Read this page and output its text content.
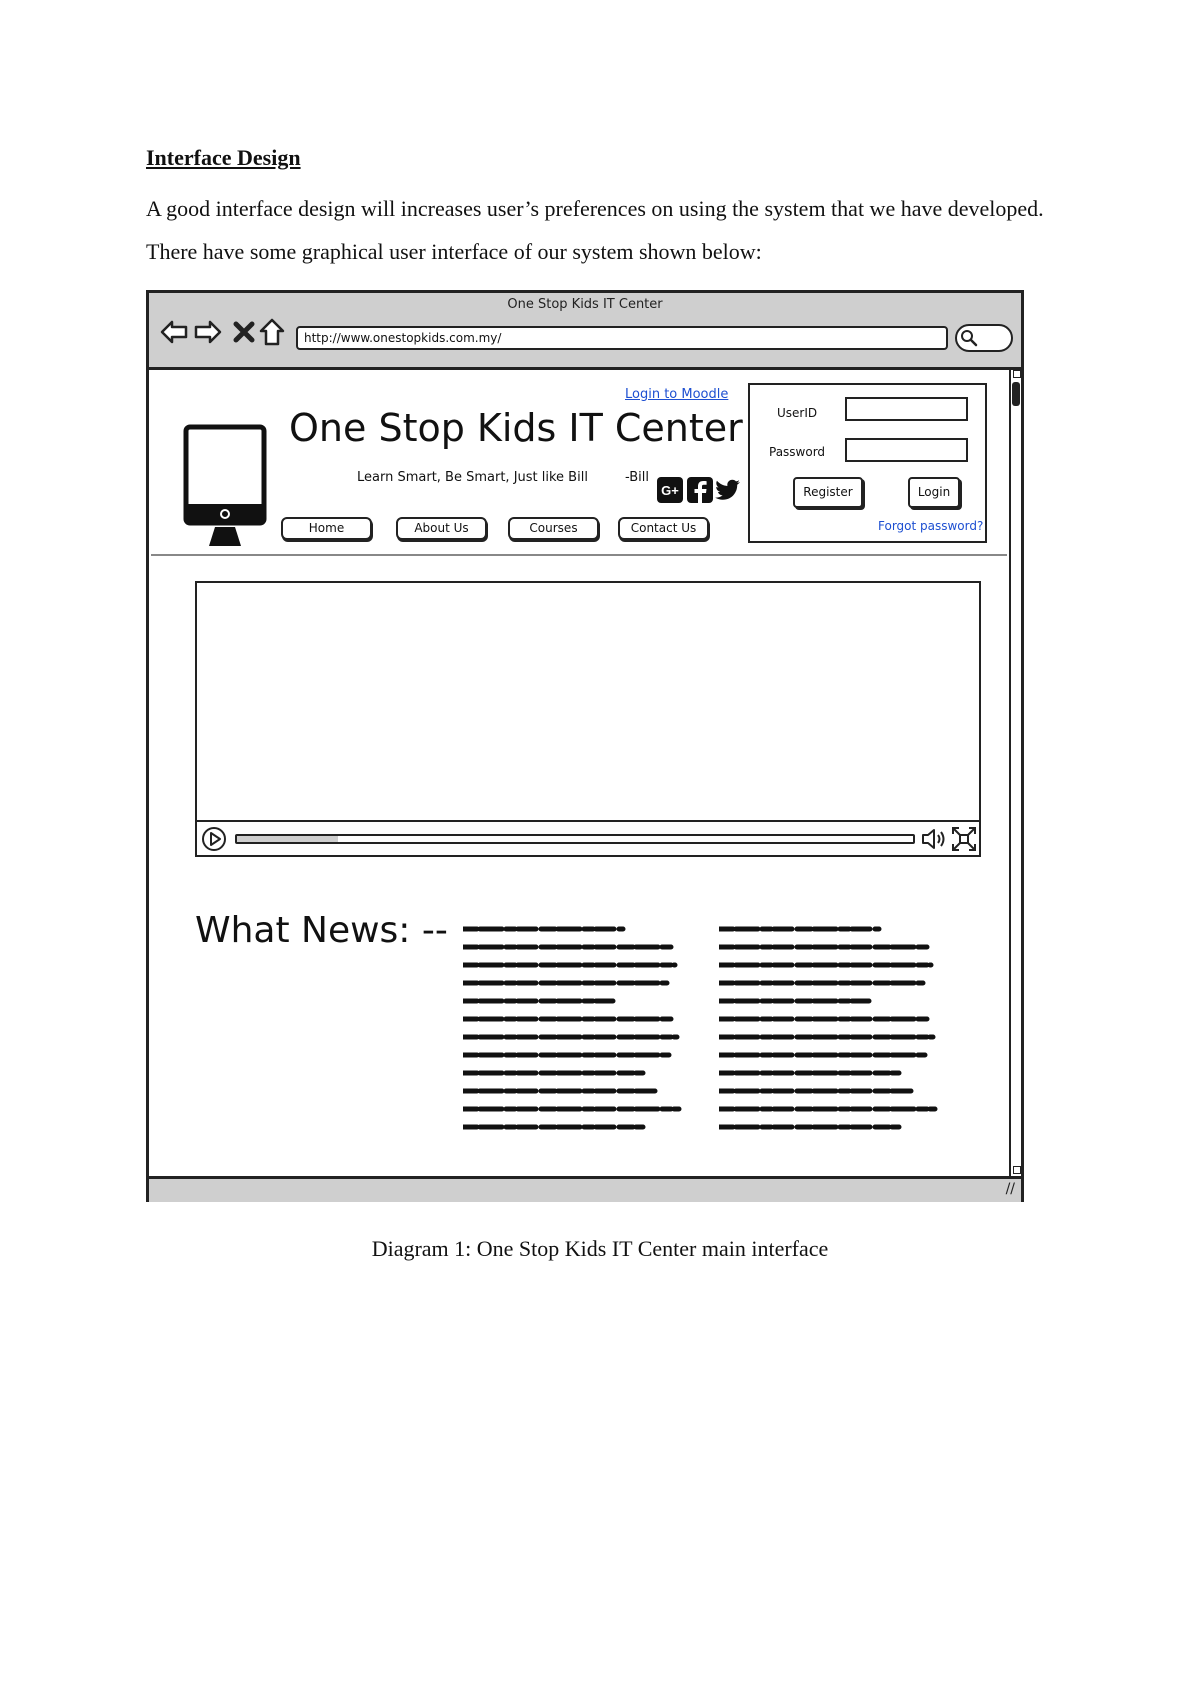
Interface Design

A good interface design will increases user’s preferences on using the system that we have developed. There have some graphical user interface of our system shown below:

One Stop Kids IT Center
http://www.onestopkids.com.my/
One Stop Kids IT Center
Login to Moodle
Learn Smart, Be Smart, Just like Bill	-Bill
G+
Home	About Us	Courses	Contact Us
UserID
Password
Register	Login
Forgot password?
What News: --
//

Diagram 1: One Stop Kids IT Center main interface
